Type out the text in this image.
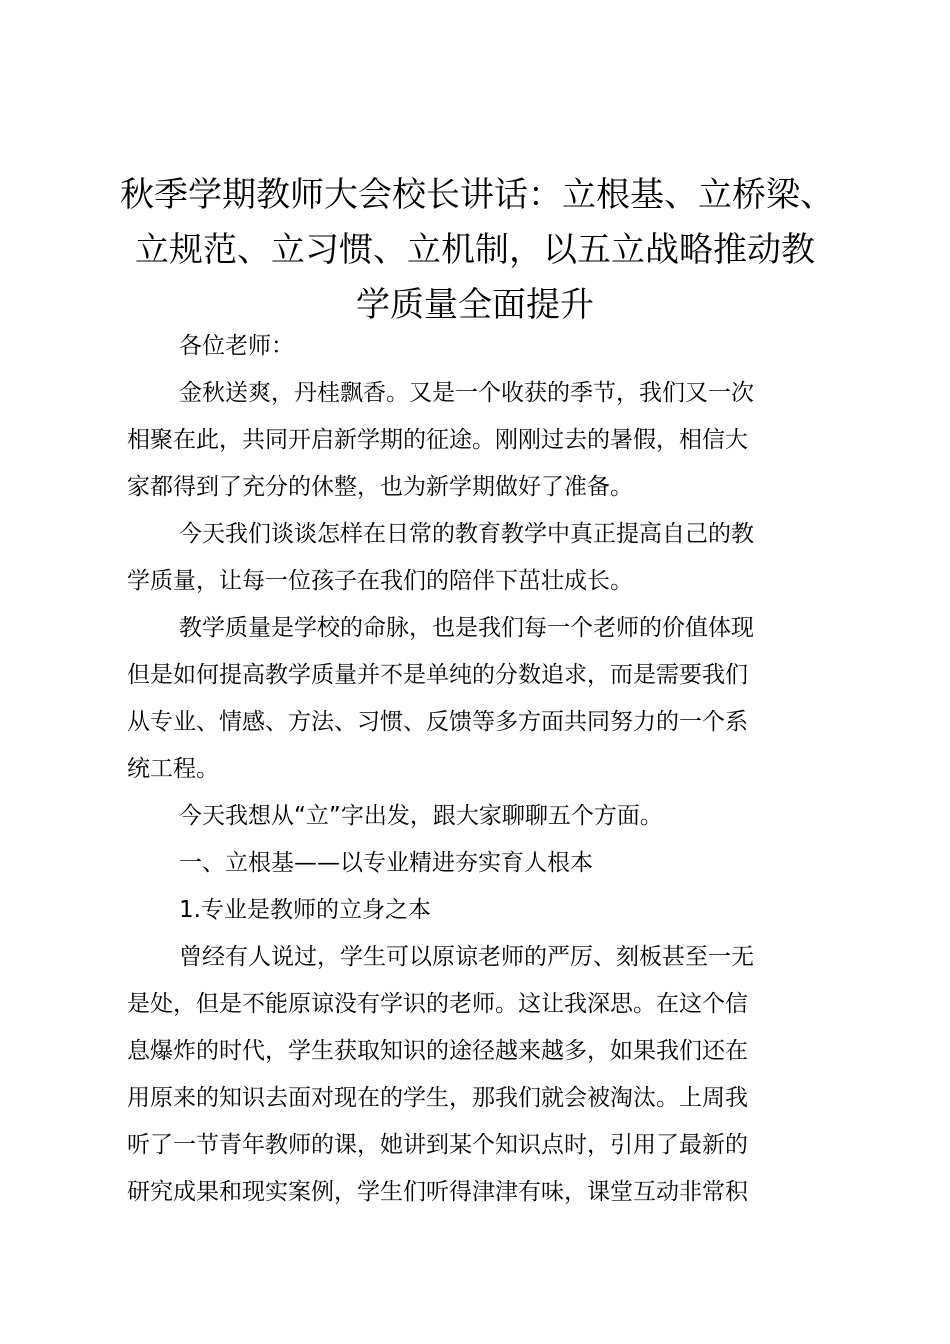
秋季学期教师大会校长讲话：立根基、立桥梁、
立规范、立习惯、立机制，以五立战略推动教
学质量全面提升

各位老师：

金秋送爽，丹桂飘香。又是一个收获的季节，我们又一次
相聚在此，共同开启新学期的征途。刚刚过去的暑假，相信大
家都得到了充分的休整，也为新学期做好了准备。

今天我们谈谈怎样在日常的教育教学中真正提高自己的教
学质量，让每一位孩子在我们的陪伴下茁壮成长。

教学质量是学校的命脉，也是我们每一个老师的价值体现
但是如何提高教学质量并不是单纯的分数追求，而是需要我们
从专业、情感、方法、习惯、反馈等多方面共同努力的一个系
统工程。

今天我想从“立”字出发，跟大家聊聊五个方面。

一、立根基——以专业精进夯实育人根本

1.专业是教师的立身之本

曾经有人说过，学生可以原谅老师的严厉、刻板甚至一无
是处，但是不能原谅没有学识的老师。这让我深思。在这个信
息爆炸的时代，学生获取知识的途径越来越多，如果我们还在
用原来的知识去面对现在的学生，那我们就会被淘汰。上周我
听了一节青年教师的课，她讲到某个知识点时，引用了最新的
研究成果和现实案例，学生们听得津津有味，课堂互动非常积
